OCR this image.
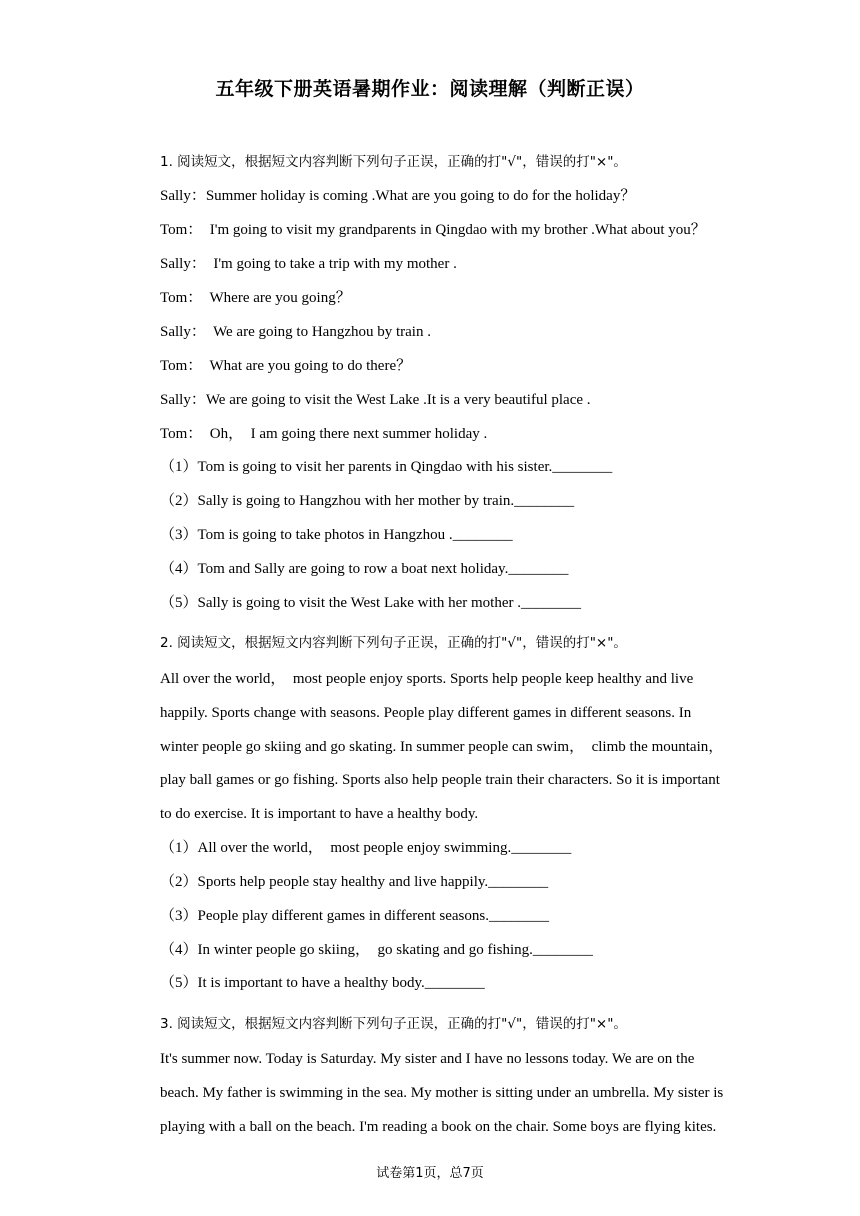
五年级下册英语暑期作业：阅读理解（判断正误）
1. 阅读短文，根据短文内容判断下列句子正误，正确的打"√"，错误的打"×"。
Sally：Summer holiday is coming .What are you going to do for the holiday？
Tom：  I'm going to visit my grandparents in Qingdao with my brother .What about you？
Sally：  I'm going to take a trip with my mother .
Tom：  Where are you going？
Sally：  We are going to Hangzhou by train .
Tom：  What are you going to do there？
Sally：We are going to visit the West Lake .It is a very beautiful place .
Tom：  Oh，  I am going there next summer holiday .
（1）Tom is going to visit her parents in Qingdao with his sister.________
（2）Sally is going to Hangzhou with her mother by train.________
（3）Tom is going to take photos in Hangzhou .________
（4）Tom and Sally are going to row a boat next holiday.________
（5）Sally is going to visit the West Lake with her mother .________
2. 阅读短文，根据短文内容判断下列句子正误，正确的打"√"，错误的打"×"。
All over the world，  most people enjoy sports. Sports help people keep healthy and live
happily. Sports change with seasons. People play different games in different seasons. In
winter people go skiing and go skating. In summer people can swim，  climb the mountain，
play ball games or go fishing. Sports also help people train their characters. So it is important
to do exercise. It is important to have a healthy body.
（1）All over the world，  most people enjoy swimming.________
（2）Sports help people stay healthy and live happily.________
（3）People play different games in different seasons.________
（4）In winter people go skiing，  go skating and go fishing.________
（5）It is important to have a healthy body.________
3. 阅读短文，根据短文内容判断下列句子正误，正确的打"√"，错误的打"×"。
It's summer now. Today is Saturday. My sister and I have no lessons today. We are on the
beach. My father is swimming in the sea. My mother is sitting under an umbrella. My sister is
playing with a ball on the beach. I'm reading a book on the chair. Some boys are flying kites.
试卷第1页，总7页
